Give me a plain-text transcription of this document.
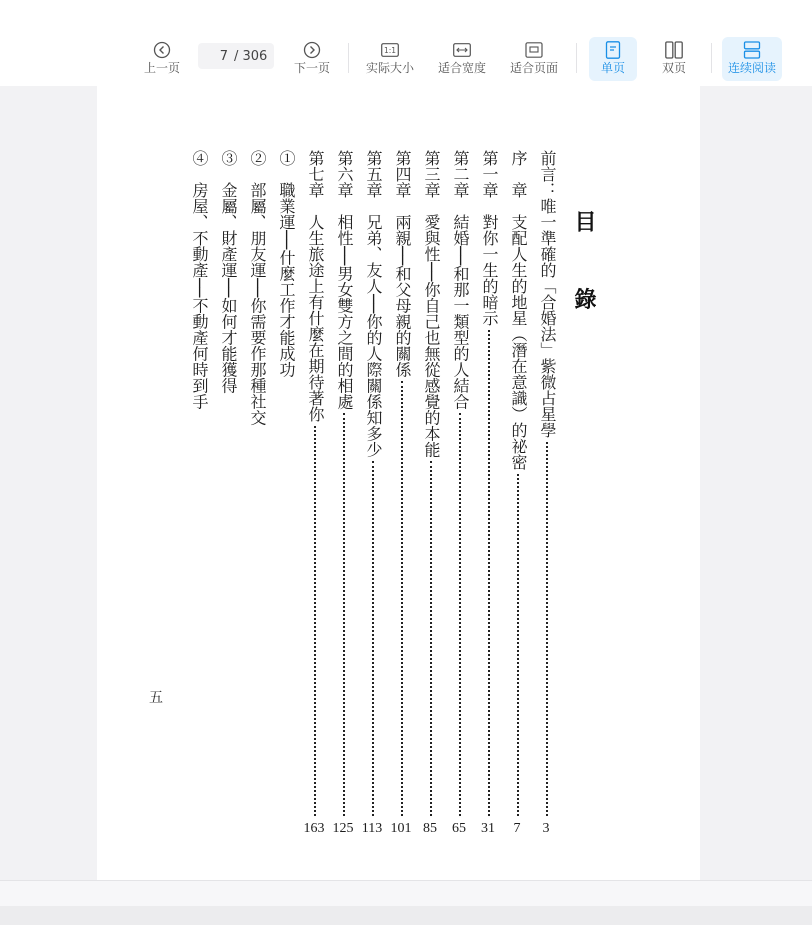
上一页
7
/ 306
下一页
1:1
实际大小 适合宽度 适合页面	单页	双页	连续阅读
目 錄
五
前言：唯一準確的「合婚法」紫微占星學
3
序　章　支配人生的地星（潛在意識）的祕密
7
第一章　對你一生的暗示
31
第二章　結婚──和那一類型的人結合
65
第三章　愛與性──你自己也無從感覺的本能
85
第四章　兩親──和父母親的關係
101
第五章　兄弟、友人──你的人際關係知多少
113
第六章　相性──男女雙方之間的相處
125
第七章　人生旅途上有什麼在期待著你
163
①　職業運──什麼工作才能成功
②　部屬、朋友運──你需要作那種社交
③　金屬、財產運──如何才能獲得
④　房屋、不動產──不動產何時到手
